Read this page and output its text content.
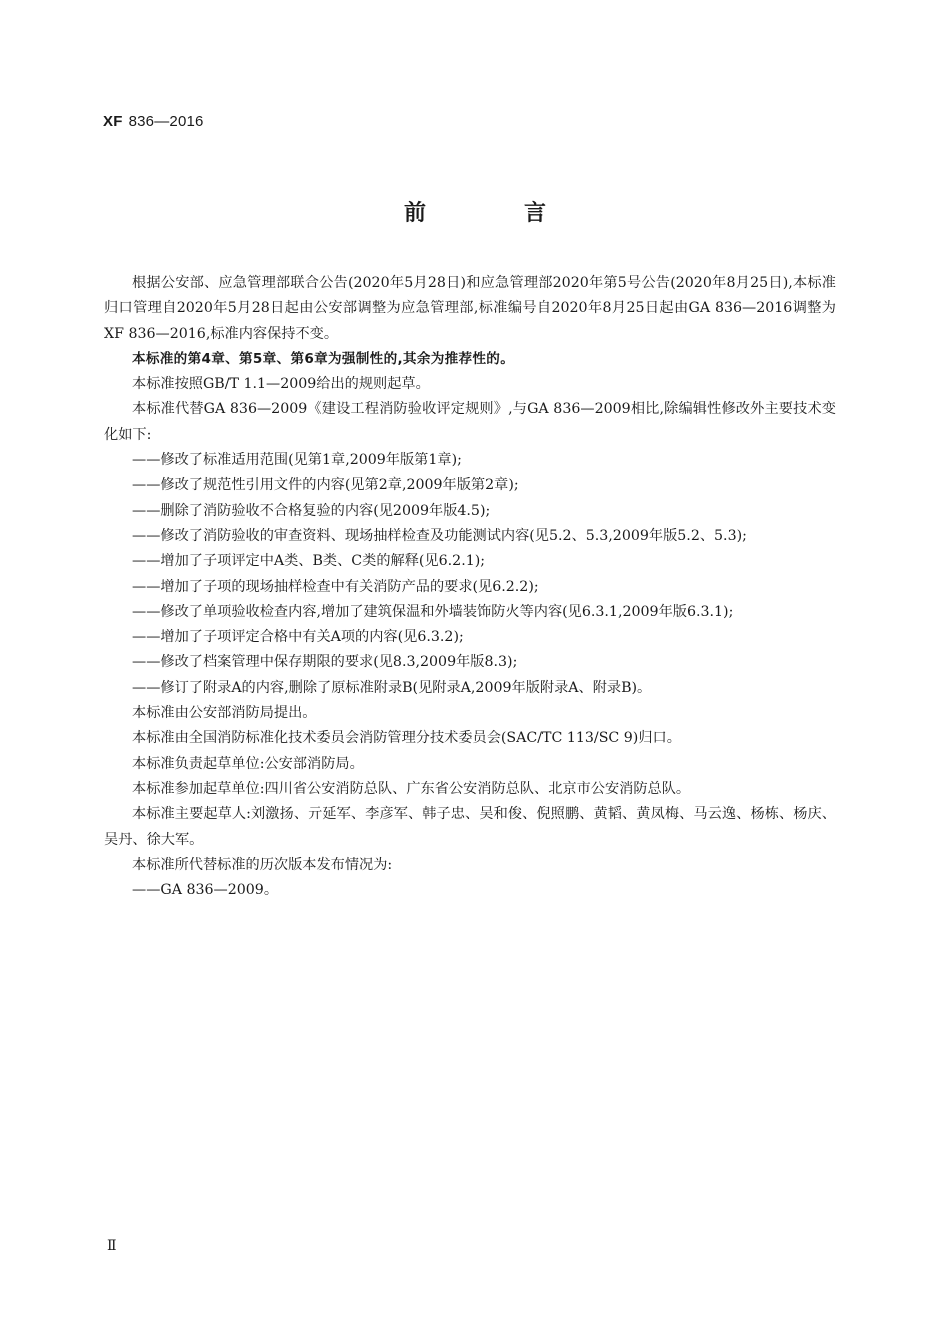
XF 836—2016
前　言

根据公安部、应急管理部联合公告(2020年5月28日)和应急管理部2020年第5号公告(2020年8月25日),本标准归口管理自2020年5月28日起由公安部调整为应急管理部,标准编号自2020年8月25日起由GA 836—2016调整为XF 836—2016,标准内容保持不变。

本标准的第4章、第5章、第6章为强制性的,其余为推荐性的。

本标准按照GB/T 1.1—2009给出的规则起草。

本标准代替GA 836—2009《建设工程消防验收评定规则》,与GA 836—2009相比,除编辑性修改外主要技术变化如下:

——修改了标准适用范围(见第1章,2009年版第1章);

——修改了规范性引用文件的内容(见第2章,2009年版第2章);

——删除了消防验收不合格复验的内容(见2009年版4.5);

——修改了消防验收的审查资料、现场抽样检查及功能测试内容(见5.2、5.3,2009年版5.2、5.3);

——增加了子项评定中A类、B类、C类的解释(见6.2.1);

——增加了子项的现场抽样检查中有关消防产品的要求(见6.2.2);

——修改了单项验收检查内容,增加了建筑保温和外墙装饰防火等内容(见6.3.1,2009年版6.3.1);

——增加了子项评定合格中有关A项的内容(见6.3.2);

——修改了档案管理中保存期限的要求(见8.3,2009年版8.3);

——修订了附录A的内容,删除了原标准附录B(见附录A,2009年版附录A、附录B)。

本标准由公安部消防局提出。

本标准由全国消防标准化技术委员会消防管理分技术委员会(SAC/TC 113/SC 9)归口。

本标准负责起草单位:公安部消防局。

本标准参加起草单位:四川省公安消防总队、广东省公安消防总队、北京市公安消防总队。

本标准主要起草人:刘激扬、亓延军、李彦军、韩子忠、吴和俊、倪照鹏、黄韬、黄凤梅、马云逸、杨栋、杨庆、吴丹、徐大军。

本标准所代替标准的历次版本发布情况为:

——GA 836—2009。

Ⅱ
